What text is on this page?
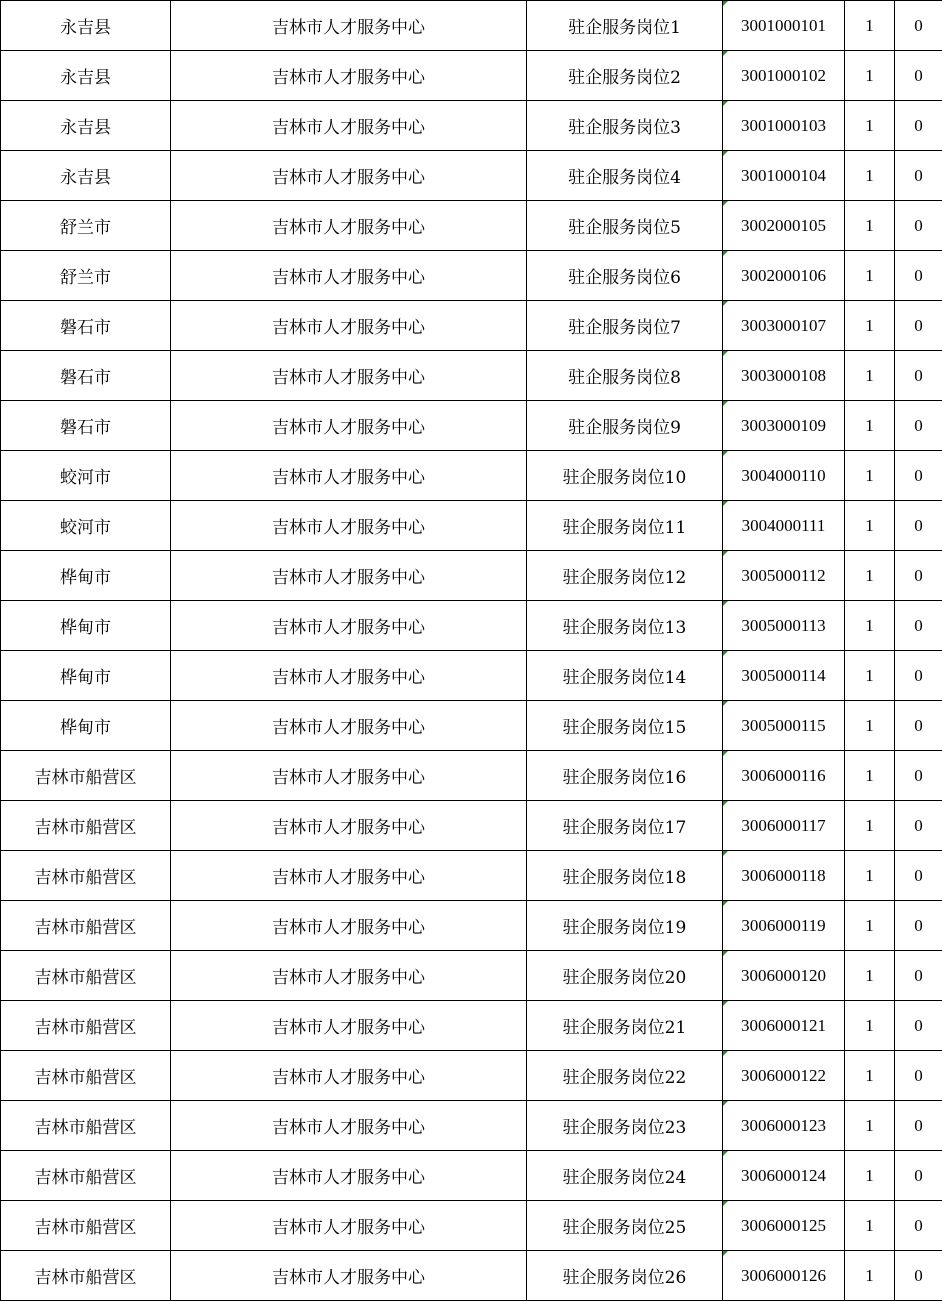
永吉县	吉林市人才服务中心	驻企服务岗位1	3001000101	1	0
永吉县	吉林市人才服务中心	驻企服务岗位2	3001000102	1	0
永吉县	吉林市人才服务中心	驻企服务岗位3	3001000103	1	0
永吉县	吉林市人才服务中心	驻企服务岗位4	3001000104	1	0
舒兰市	吉林市人才服务中心	驻企服务岗位5	3002000105	1	0
舒兰市	吉林市人才服务中心	驻企服务岗位6	3002000106	1	0
磐石市	吉林市人才服务中心	驻企服务岗位7	3003000107	1	0
磐石市	吉林市人才服务中心	驻企服务岗位8	3003000108	1	0
磐石市	吉林市人才服务中心	驻企服务岗位9	3003000109	1	0
蛟河市	吉林市人才服务中心	驻企服务岗位10	3004000110	1	0
蛟河市	吉林市人才服务中心	驻企服务岗位11	3004000111	1	0
桦甸市	吉林市人才服务中心	驻企服务岗位12	3005000112	1	0
桦甸市	吉林市人才服务中心	驻企服务岗位13	3005000113	1	0
桦甸市	吉林市人才服务中心	驻企服务岗位14	3005000114	1	0
桦甸市	吉林市人才服务中心	驻企服务岗位15	3005000115	1	0
吉林市船营区	吉林市人才服务中心	驻企服务岗位16	3006000116	1	0
吉林市船营区	吉林市人才服务中心	驻企服务岗位17	3006000117	1	0
吉林市船营区	吉林市人才服务中心	驻企服务岗位18	3006000118	1	0
吉林市船营区	吉林市人才服务中心	驻企服务岗位19	3006000119	1	0
吉林市船营区	吉林市人才服务中心	驻企服务岗位20	3006000120	1	0
吉林市船营区	吉林市人才服务中心	驻企服务岗位21	3006000121	1	0
吉林市船营区	吉林市人才服务中心	驻企服务岗位22	3006000122	1	0
吉林市船营区	吉林市人才服务中心	驻企服务岗位23	3006000123	1	0
吉林市船营区	吉林市人才服务中心	驻企服务岗位24	3006000124	1	0
吉林市船营区	吉林市人才服务中心	驻企服务岗位25	3006000125	1	0
吉林市船营区	吉林市人才服务中心	驻企服务岗位26	3006000126	1	0
